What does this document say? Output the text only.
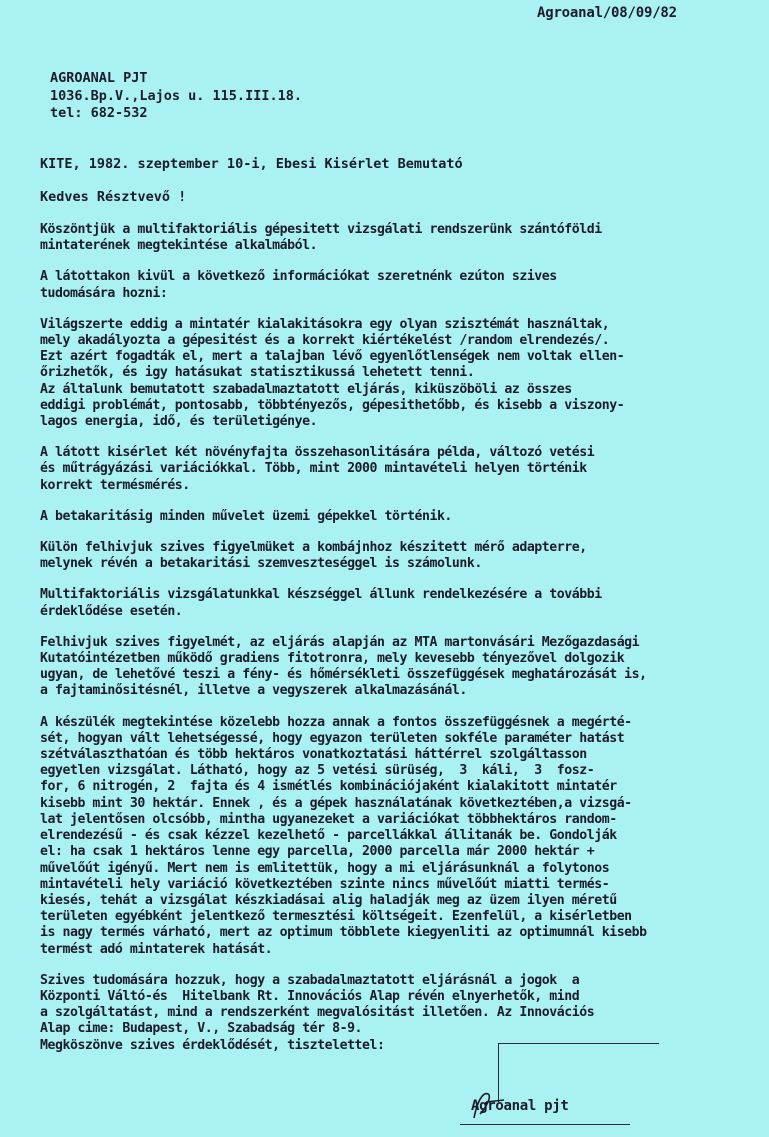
Agroanal/08/09/82
AGROANAL PJT
1036.Bp.V.,Lajos u. 115.III.18.
tel: 682-532
KITE, 1982. szeptember 10-i, Ebesi Kisérlet Bemutató
Kedves Résztvevő !

Köszöntjük a multifaktoriális gépesitett vizsgálati rendszerünk szántóföldi
mintaterének megtekintése alkalmából.

A látottakon kivül a következő információkat szeretnénk ezúton szives
tudomására hozni:

Világszerte eddig a mintatér kialakitásokra egy olyan szisztémát használtak,
mely akadályozta a gépesitést és a korrekt kiértékelést /random elrendezés/.
Ezt azért fogadták el, mert a talajban lévő egyenlőtlenségek nem voltak ellen-
őrizhetők, és igy hatásukat statisztikussá lehetett tenni.
Az általunk bemutatott szabadalmaztatott eljárás, kiküszöböli az összes
eddigi problémát, pontosabb, többtényezős, gépesithetőbb, és kisebb a viszony-
lagos energia, idő, és területigénye.

A látott kisérlet két növényfajta összehasonlitására példa, változó vetési
és műtrágyázási variációkkal. Több, mint 2000 mintavételi helyen történik
korrekt termésmérés.

A betakaritásig minden művelet üzemi gépekkel történik.

Külön felhivjuk szives figyelmüket a kombájnhoz készitett mérő adapterre,
melynek révén a betakaritási szemveszteséggel is számolunk.

Multifaktoriális vizsgálatunkkal készséggel állunk rendelkezésére a további
érdeklődése esetén.

Felhivjuk szives figyelmét, az eljárás alapján az MTA martonvásári Mezőgazdasági
Kutatóintézetben működő gradiens fitotronra, mely kevesebb tényezővel dolgozik
ugyan, de lehetővé teszi a fény- és hőmérsékleti összefüggések meghatározását is,
a fajtaminősitésnél, illetve a vegyszerek alkalmazásánál.

A készülék megtekintése közelebb hozza annak a fontos összefüggésnek a megérté-
sét, hogyan vált lehetségessé, hogy egyazon területen sokféle paraméter hatást
szétválaszthatóan és több hektáros vonatkoztatási háttérrel szolgáltasson
egyetlen vizsgálat. Látható, hogy az 5 vetési sürüség,  3  káli,  3  fosz-
for, 6 nitrogén, 2  fajta és 4 ismétlés kombinációjaként kialakitott mintatér
kisebb mint 30 hektár. Ennek , és a gépek használatának következtében,a vizsgá-
lat jelentősen olcsóbb, mintha ugyanezeket a variációkat többhektáros random-
elrendezésű - és csak kézzel kezelhető - parcellákkal állitanák be. Gondolják
el: ha csak 1 hektáros lenne egy parcella, 2000 parcella már 2000 hektár +
művelőút igényű. Mert nem is emlitettük, hogy a mi eljárásunknál a folytonos
mintavételi hely variáció következtében szinte nincs művelőút miatti termés-
kiesés, tehát a vizsgálat készkiadásai alig haladják meg az üzem ilyen méretű
területen egyébként jelentkező termesztési költségeit. Ezenfelül, a kisérletben
is nagy termés várható, mert az optimum többlete kiegyenliti az optimumnál kisebb
termést adó mintaterek hatását.

Szives tudomására hozzuk, hogy a szabadalmaztatott eljárásnál a jogok  a
Központi Váltó-és  Hitelbank Rt. Innovációs Alap révén elnyerhetők, mind
a szolgáltatást, mind a rendszerként megvalósitást illetően. Az Innovációs
Alap cime: Budapest, V., Szabadság tér 8-9.
Megköszönve szives érdeklődését, tisztelettel:

Agroanal pjt
